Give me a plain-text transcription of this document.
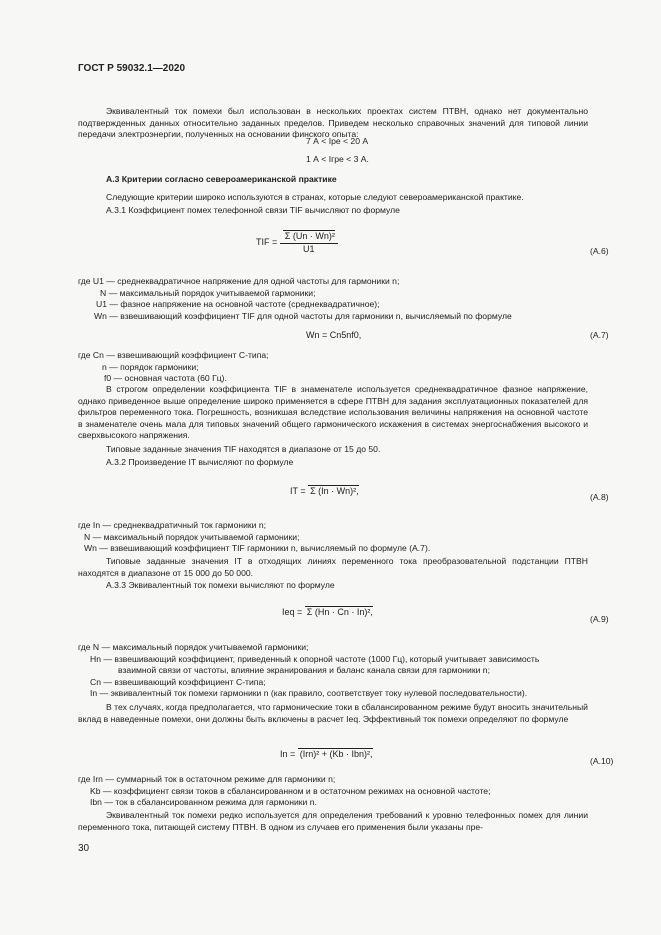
ГОСТ Р 59032.1—2020
Эквивалентный ток помехи был использован в нескольких проектах систем ПТВН, однако нет документально подтвержденных данных относительно заданных пределов. Приведем несколько справочных значений для типовой линии передачи электроэнергии, полученных на основании финского опыта:
7 А < Iре < 20 А
1 А < Iгре < 3 А.
А.3 Критерии согласно североамериканской практике
Следующие критерии широко используются в странах, которые следуют североамериканской практике.
А.3.1 Коэффициент помех телефонной связи TIF вычисляют по формуле
TIF = $\frac{\text{Σ (Un · Wn)²}}{U1}$	(А.6)
где U1 — среднеквадратичное напряжение для одной частоты для гармоники n;
N — максимальный порядок учитываемой гармоники;
U1 — фазное напряжение на основной частоте (среднеквадратичное);
Wn — взвешивающий коэффициент TIF для одной частоты для гармоники n, вычисляемый по формуле
Wn = Cn5nf0,	(А.7)
где Cn — взвешивающий коэффициент С-типа;
n — порядок гармоники;
f0 — основная частота (60 Гц).
В строгом определении коэффициента TIF в знаменателе используется среднеквадратичное фазное напряжение, однако приведенное выше определение широко применяется в сфере ПТВН для задания эксплуатационных показателей для фильтров переменного тока. Погрешность, возникшая вследствие использования величины напряжения на основной частоте в знаменателе очень мала для типовых значений общего гармонического искажения в системах энергоснабжения высокого и сверхвысокого напряжения.
Типовые заданные значения TIF находятся в диапазоне от 15 до 50.
А.3.2 Произведение IT вычисляют по формуле
IT = Σ (In · Wn)²,
(А.8)
где In — среднеквадратичный ток гармоники n;
N — максимальный порядок учитываемой гармоники;
Wn — взвешивающий коэффициент TIF гармоники n, вычисляемый по формуле (А.7).
Типовые заданные значения IT в отходящих линиях переменного тока преобразовательной подстанции ПТВН находятся в диапазоне от 15 000 до 50 000.
А.3.3 Эквивалентный ток помехи вычисляют по формуле
Ieq = Σ (Hn · Cn · In)²,
(А.9)
где N — максимальный порядок учитываемой гармоники;
Hn — взвешивающий коэффициент, приведенный к опорной частоте (1000 Гц), который учитывает зависимость
взаимной связи от частоты, влияние экранирования и баланс канала связи для гармоники n;
Cn — взвешивающий коэффициент С-типа;
In — эквивалентный ток помехи гармоники n (как правило, соответствует току нулевой последовательности).
В тех случаях, когда предполагается, что гармонические токи в сбалансированном режиме будут вносить значительный вклад в наведенные помехи, они должны быть включены в расчет Ieq. Эффективный ток помехи определяют по формуле
In = (Irn)² + (Kb · Ibn)²,
(А.10)
где Irn — суммарный ток в остаточном режиме для гармоники n;
Kb — коэффициент связи токов в сбалансированном и в остаточном режимах на основной частоте;
Ibn — ток в сбалансированном режима для гармоники n.
Эквивалентный ток помехи редко используется для определения требований к уровню телефонных помех для линии переменного тока, питающей систему ПТВН. В одном из случаев его применения были указаны пре-
30
